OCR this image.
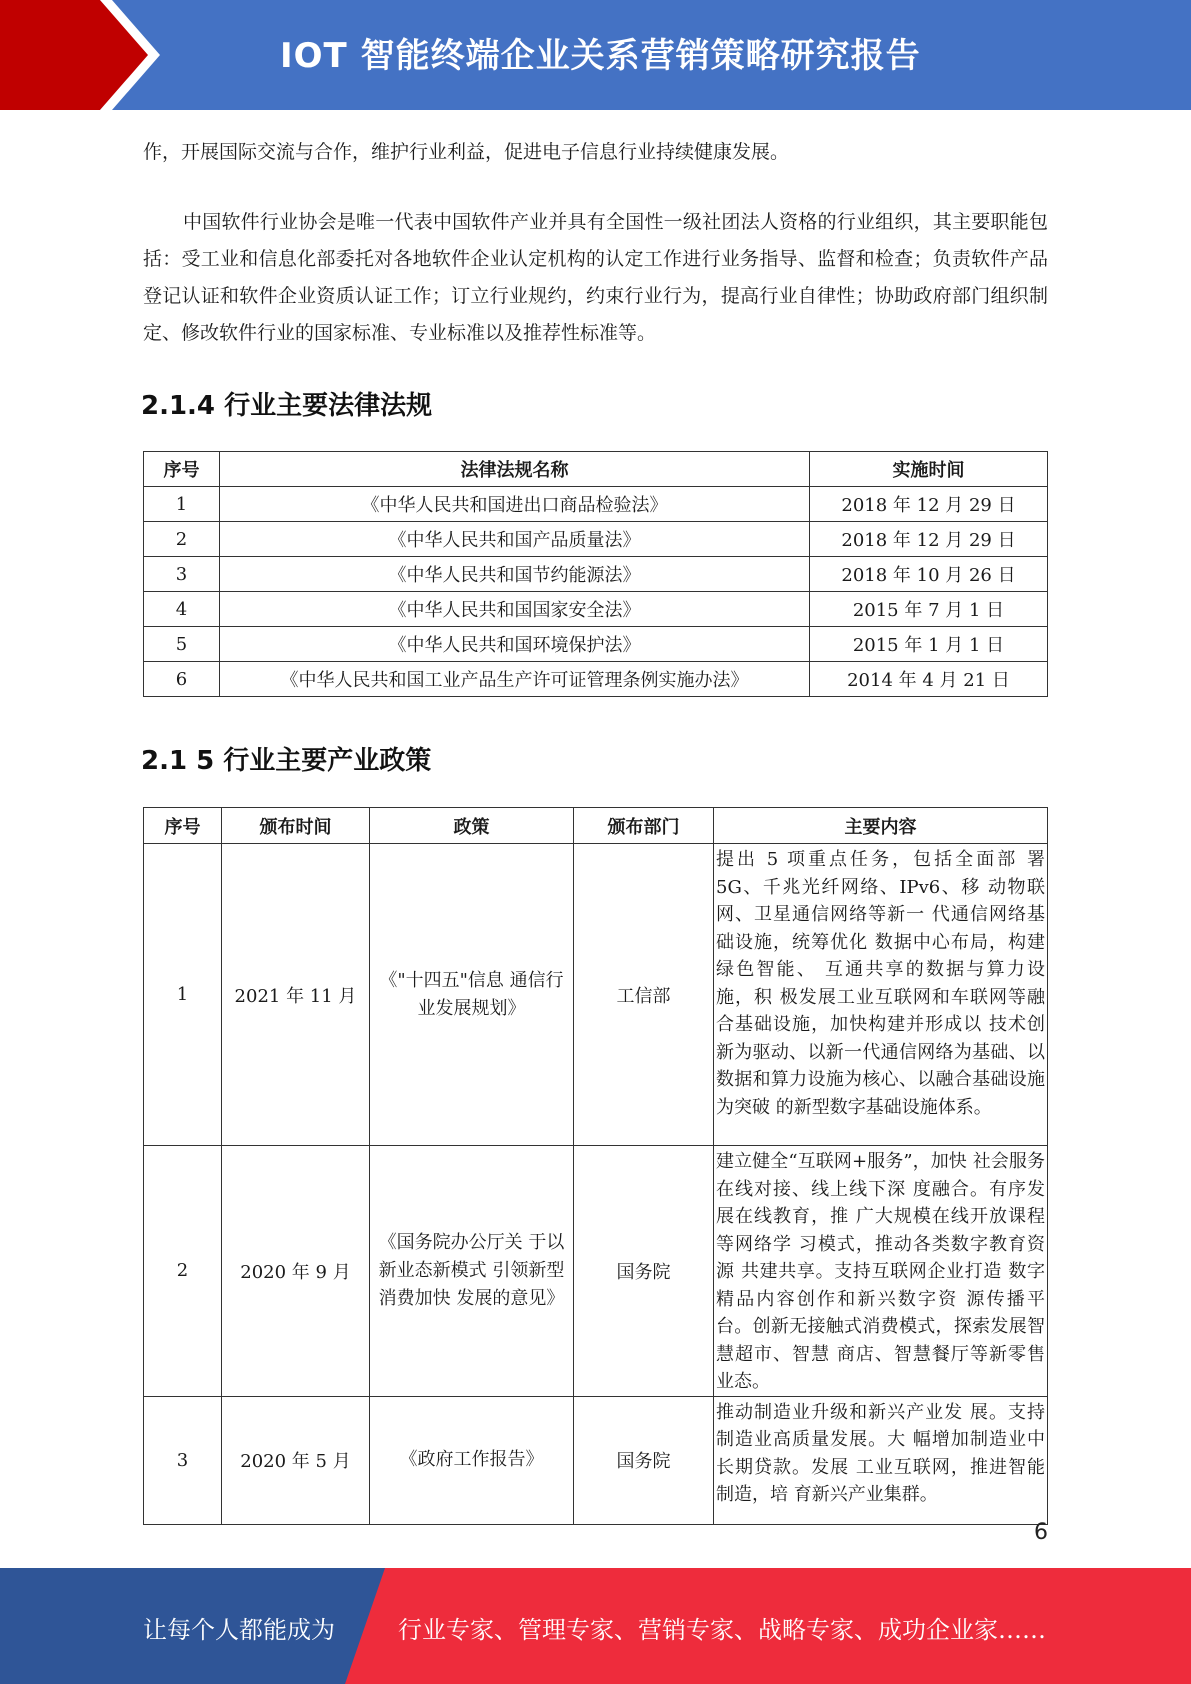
IOT 智能终端企业关系营销策略研究报告
作，开展国际交流与合作，维护行业利益，促进电子信息行业持续健康发展。
中国软件行业协会是唯一代表中国软件产业并具有全国性一级社团法人资格的行业组织，其主要职能包括：受工业和信息化部委托对各地软件企业认定机构的认定工作进行业务指导、监督和检查；负责软件产品登记认证和软件企业资质认证工作；订立行业规约，约束行业行为，提高行业自律性；协助政府部门组织制定、修改软件行业的国家标准、专业标准以及推荐性标准等。
2.1.4 行业主要法律法规
序号	法律法规名称	实施时间
1	《中华人民共和国进出口商品检验法》	2018 年 12 月 29 日
2	《中华人民共和国产品质量法》	2018 年 12 月 29 日
3	《中华人民共和国节约能源法》	2018 年 10 月 26 日
4	《中华人民共和国国家安全法》	2015 年 7 月 1 日
5	《中华人民共和国环境保护法》	2015 年 1 月 1 日
6	《中华人民共和国工业产品生产许可证管理条例实施办法》	2014 年 4 月 21 日
2.1 5 行业主要产业政策
序号	颁布时间	政策	颁布部门	主要内容
1	2021 年 11 月	《"十四五"信息 通信行业发展规划》	工信部	提出 5 项重点任务，包括全面部 署 5G、千兆光纤网络、IPv6、移 动物联网、卫星通信网络等新一 代通信网络基础设施，统筹优化 数据中心布局，构建绿色智能、 互通共享的数据与算力设施，积 极发展工业互联网和车联网等融 合基础设施，加快构建并形成以 技术创新为驱动、以新一代通信网络为基础、以数据和算力设施为核心、以融合基础设施为突破 的新型数字基础设施体系。
2	2020 年 9 月	《国务院办公厅关 于以新业态新模式 引领新型消费加快 发展的意见》	国务院	建立健全“互联网+服务”，加快 社会服务在线对接、线上线下深 度融合。有序发展在线教育，推 广大规模在线开放课程等网络学 习模式，推动各类数字教育资源 共建共享。支持互联网企业打造 数字精品内容创作和新兴数字资 源传播平台。创新无接触式消费模式，探索发展智慧超市、智慧 商店、智慧餐厅等新零售业态。
3	2020 年 5 月	《政府工作报告》	国务院	推动制造业升级和新兴产业发 展。支持制造业高质量发展。大 幅增加制造业中长期贷款。发展 工业互联网，推进智能制造，培 育新兴产业集群。
6
让每个人都能成为	行业专家、管理专家、营销专家、战略专家、成功企业家……
